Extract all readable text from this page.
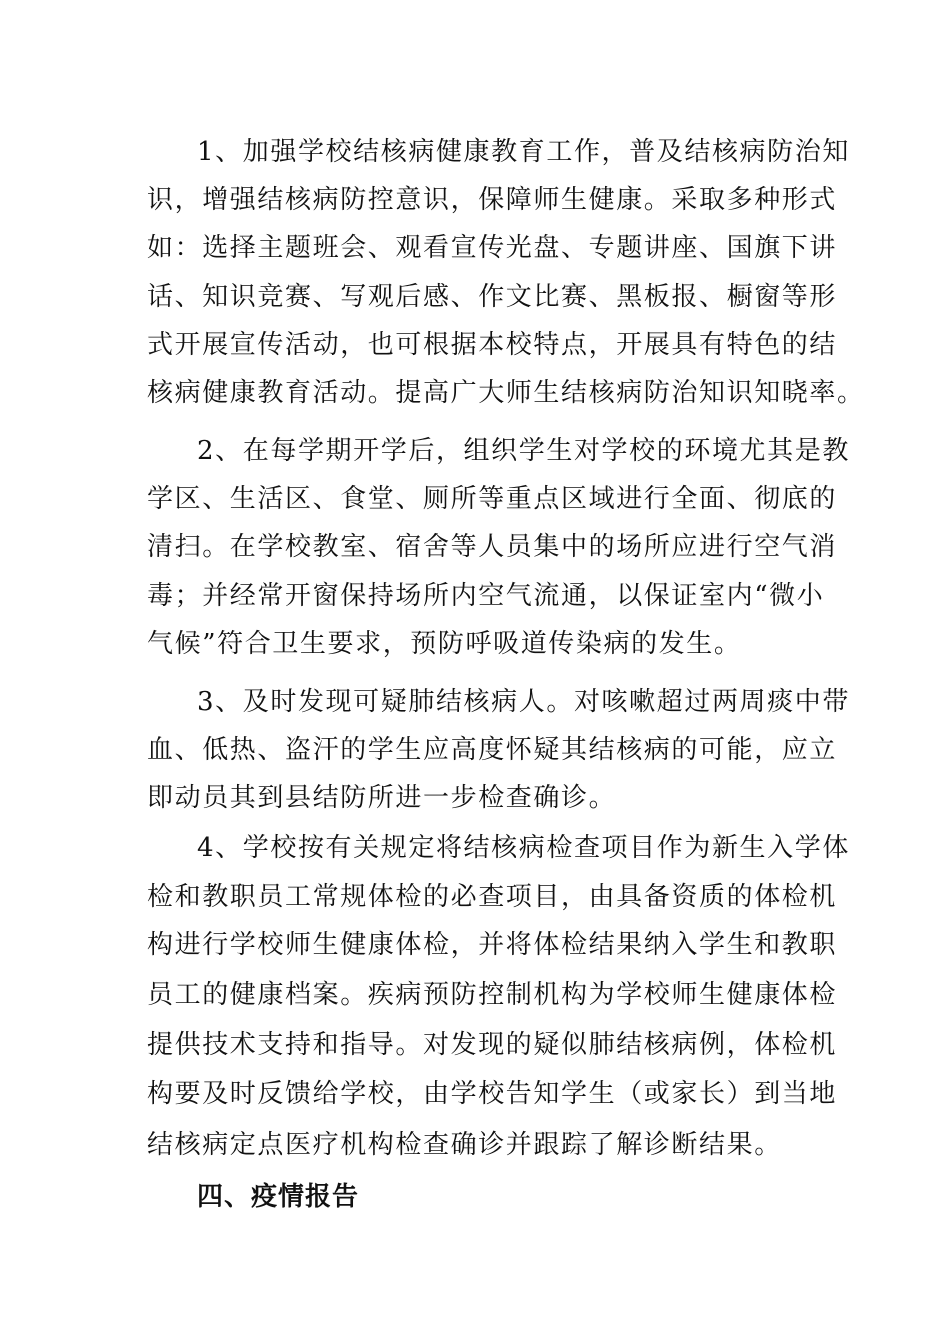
1、加强学校结核病健康教育工作，普及结核病防治知
识，增强结核病防控意识，保障师生健康。采取多种形式
如：选择主题班会、观看宣传光盘、专题讲座、国旗下讲
话、知识竞赛、写观后感、作文比赛、黑板报、橱窗等形
式开展宣传活动，也可根据本校特点，开展具有特色的结
核病健康教育活动。提高广大师生结核病防治知识知晓率。
2、在每学期开学后，组织学生对学校的环境尤其是教
学区、生活区、食堂、厕所等重点区域进行全面、彻底的
清扫。在学校教室、宿舍等人员集中的场所应进行空气消
毒；并经常开窗保持场所内空气流通，以保证室内“微小
气候”符合卫生要求，预防呼吸道传染病的发生。
3、及时发现可疑肺结核病人。对咳嗽超过两周痰中带
血、低热、盗汗的学生应高度怀疑其结核病的可能，应立
即动员其到县结防所进一步检查确诊。
4、学校按有关规定将结核病检查项目作为新生入学体
检和教职员工常规体检的必查项目，由具备资质的体检机
构进行学校师生健康体检，并将体检结果纳入学生和教职
员工的健康档案。疾病预防控制机构为学校师生健康体检
提供技术支持和指导。对发现的疑似肺结核病例，体检机
构要及时反馈给学校，由学校告知学生（或家长）到当地
结核病定点医疗机构检查确诊并跟踪了解诊断结果。
四、疫情报告
